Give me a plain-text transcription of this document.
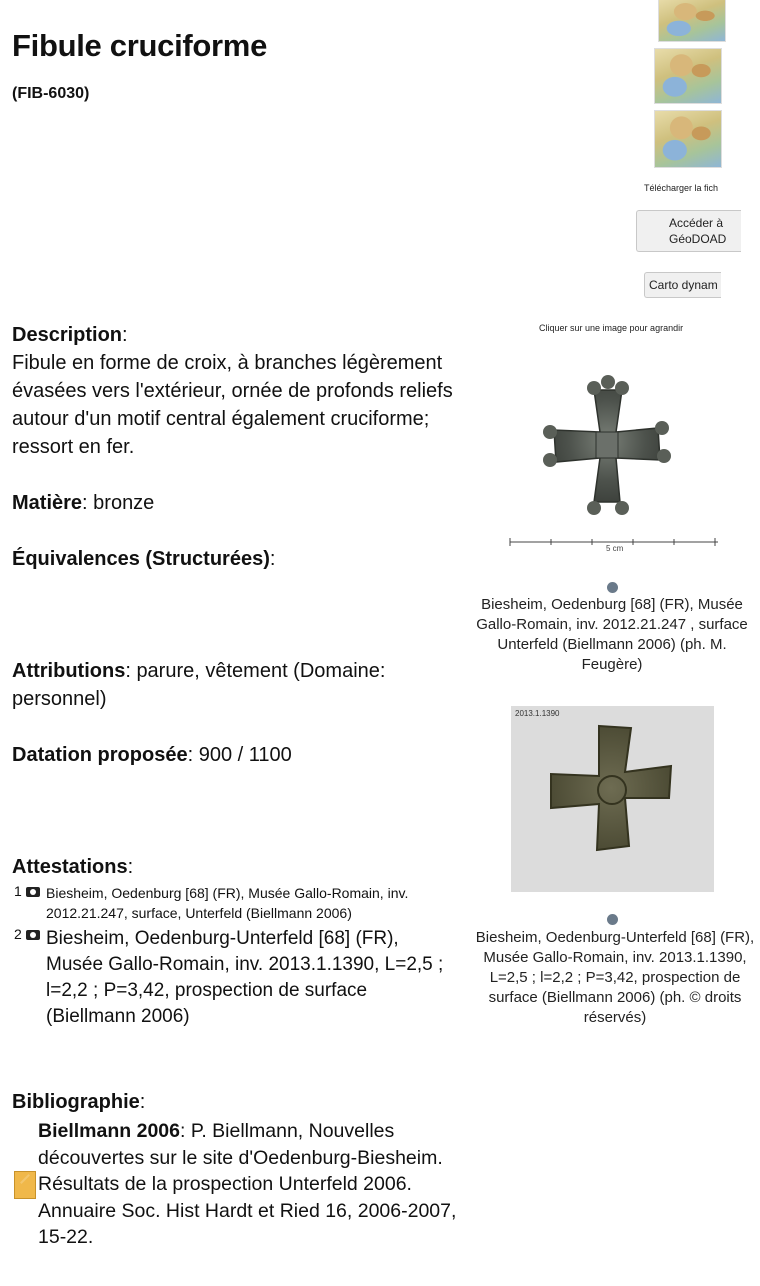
Fibule cruciforme
(FIB-6030)
Télécharger la fich
Accéder à
GéoDOAD
Carto dynam
Cliquer sur une image pour agrandir
5 cm
Biesheim, Oedenburg [68] (FR), Musée Gallo-Romain, inv. 2012.21.247 , surface Unterfeld (Biellmann 2006) (ph. M. Feugère)
2013.1.1390
Biesheim, Oedenburg-Unterfeld [68] (FR), Musée Gallo-Romain, inv. 2013.1.1390, L=2,5 ; l=2,2 ; P=3,42, prospection de surface (Biellmann 2006) (ph. © droits réservés)
Description:
Fibule en forme de croix, à branches légèrement évasées vers l'extérieur, ornée de profonds reliefs autour d'un motif central également cruciforme; ressort en fer.
Matière: bronze
Équivalences (Structurées):
Attributions: parure, vêtement (Domaine: personnel)
Datation proposée: 900 / 1100
Attestations:
1 Biesheim, Oedenburg [68] (FR), Musée Gallo-Romain, inv. 2012.21.247, surface, Unterfeld (Biellmann 2006)
2 Biesheim, Oedenburg-Unterfeld [68] (FR), Musée Gallo-Romain, inv. 2013.1.1390, L=2,5 ; l=2,2 ; P=3,42, prospection de surface (Biellmann 2006)
Bibliographie:
Biellmann 2006: P. Biellmann, Nouvelles découvertes sur le site d'Oedenburg-Biesheim. Résultats de la prospection Unterfeld 2006. Annuaire Soc. Hist Hardt et Ried 16, 2006-2007, 15-22.
